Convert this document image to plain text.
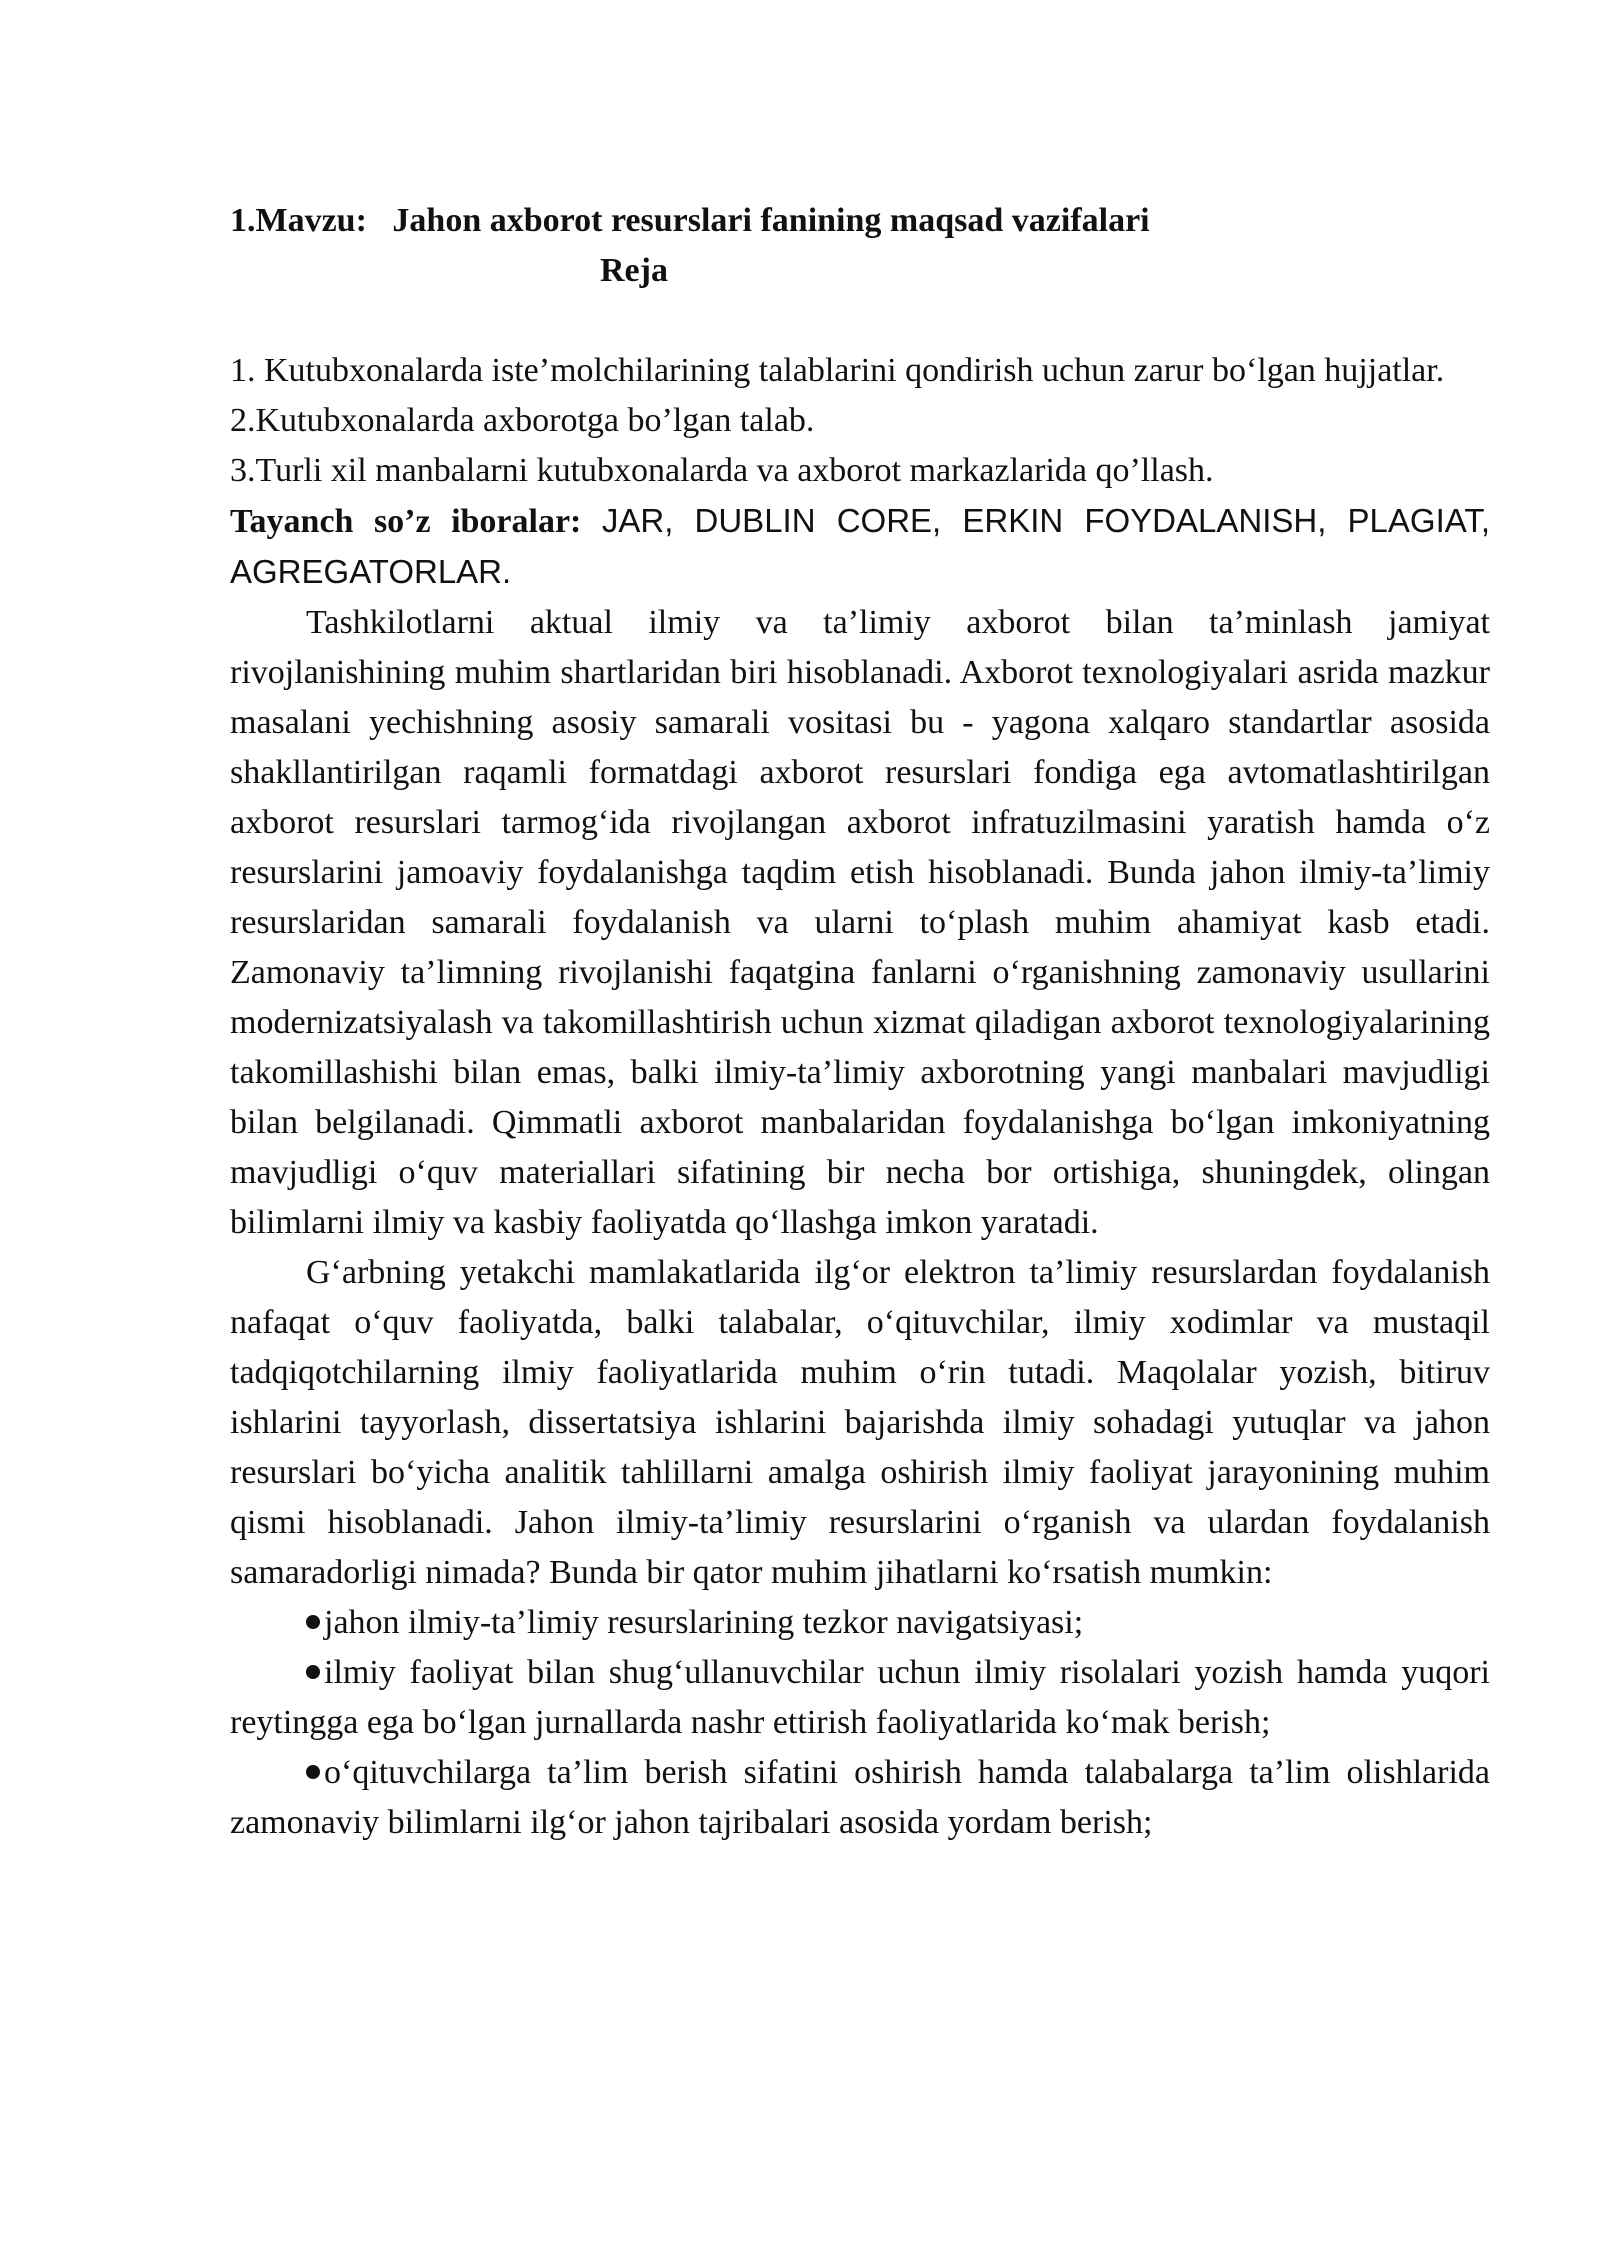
1.Mavzu: Jahon axborot resurslari fanining maqsad vazifalari

Reja

1. Kutubxonalarda iste’molchilarining talablarini qondirish uchun zarur bo‘lgan hujjatlar.

2.Kutubxonalarda axborotga bo’lgan talab.

3.Turli xil manbalarni kutubxonalarda va axborot markazlarida qo’llash.

Tayanch so’z iboralar: JAR, DUBLIN CORE, ERKIN FOYDALANISH, PLAGIAT, AGREGATORLAR.

Tashkilotlarni aktual ilmiy va ta’limiy axborot bilan ta’minlash jamiyat rivojlanishining muhim shartlaridan biri hisoblanadi. Axborot texnologiyalari asrida mazkur masalani yechishning asosiy samarali vositasi bu - yagona xalqaro standartlar asosida shakllantirilgan raqamli formatdagi axborot resurslari fondiga ega avtomatlashtirilgan axborot resurslari tarmog‘ida rivojlangan axborot infratuzilmasini yaratish hamda o‘z resurslarini jamoaviy foydalanishga taqdim etish hisoblanadi. Bunda jahon ilmiy-ta’limiy resurslaridan samarali foydalanish va ularni to‘plash muhim ahamiyat kasb etadi. Zamonaviy ta’limning rivojlanishi faqatgina fanlarni o‘rganishning zamonaviy usullarini modernizatsiyalash va takomillashtirish uchun xizmat qiladigan axborot texnologiyalarining takomillashishi bilan emas, balki ilmiy-ta’limiy axborotning yangi manbalari mavjudligi bilan belgilanadi. Qimmatli axborot manbalaridan foydalanishga bo‘lgan imkoniyatning mavjudligi o‘quv materiallari sifatining bir necha bor ortishiga, shuningdek, olingan bilimlarni ilmiy va kasbiy faoliyatda qo‘llashga imkon yaratadi.

G‘arbning yetakchi mamlakatlarida ilg‘or elektron ta’limiy resurslardan foydalanish nafaqat o‘quv faoliyatda, balki talabalar, o‘qituvchilar, ilmiy xodimlar va mustaqil tadqiqotchilarning ilmiy faoliyatlarida muhim o‘rin tutadi. Maqolalar yozish, bitiruv ishlarini tayyorlash, dissertatsiya ishlarini bajarishda ilmiy sohadagi yutuqlar va jahon resurslari bo‘yicha analitik tahlillarni amalga oshirish ilmiy faoliyat jarayonining muhim qismi hisoblanadi. Jahon ilmiy-ta’limiy resurslarini o‘rganish va ulardan foydalanish samaradorligi nimada? Bunda bir qator muhim jihatlarni ko‘rsatish mumkin:

jahon ilmiy-ta’limiy resurslarining tezkor navigatsiyasi;

ilmiy faoliyat bilan shug‘ullanuvchilar uchun ilmiy risolalari yozish hamda yuqori reytingga ega bo‘lgan jurnallarda nashr ettirish faoliyatlarida ko‘mak berish;

o‘qituvchilarga ta’lim berish sifatini oshirish hamda talabalarga ta’lim olishlarida zamonaviy bilimlarni ilg‘or jahon tajribalari asosida yordam berish;
